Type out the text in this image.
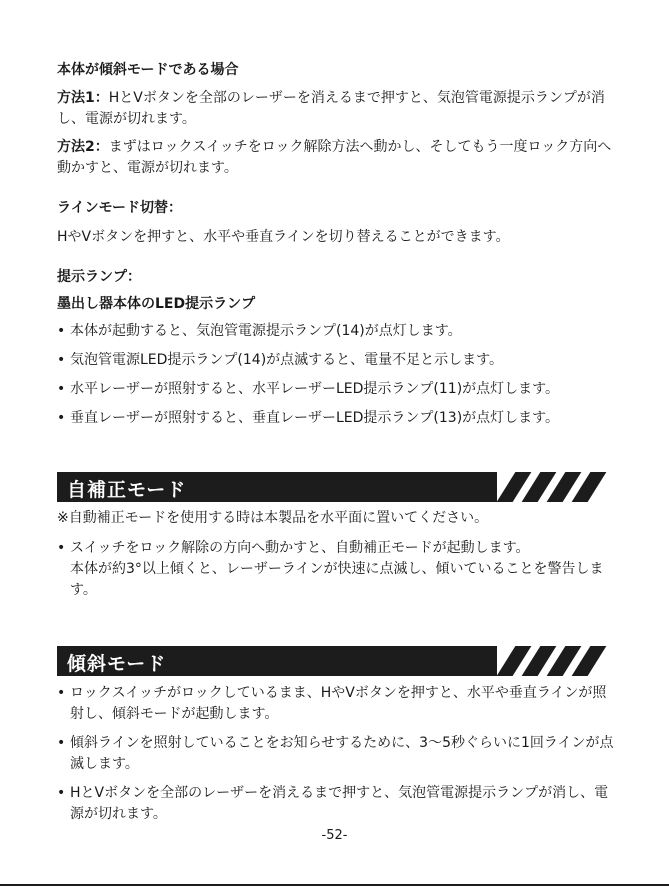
本体が傾斜モードである場合
方法1：HとVボタンを全部のレーザーを消えるまで押すと、気泡管電源提示ランプが消し、電源が切れます。
方法2：まずはロックスイッチをロック解除方法へ動かし、そしてもう一度ロック方向へ動かすと、電源が切れます。
ラインモード切替：
HやVボタンを押すと、水平や垂直ラインを切り替えることができます。
提示ランプ：
墨出し器本体のLED提示ランプ
• 本体が起動すると、気泡管電源提示ランプ(14)が点灯します。
• 気泡管電源LED提示ランプ(14)が点滅すると、電量不足と示します。
• 水平レーザーが照射すると、水平レーザーLED提示ランプ(11)が点灯します。
• 垂直レーザーが照射すると、垂直レーザーLED提示ランプ(13)が点灯します。
自補正モード
※自動補正モードを使用する時は本製品を水平面に置いてください。
• スイッチをロック解除の方向へ動かすと、自動補正モードが起動します。
本体が約3°以上傾くと、レーザーラインが快速に点滅し、傾いていることを警告します。
傾斜モード
• ロックスイッチがロックしているまま、HやVボタンを押すと、水平や垂直ラインが照射し、傾斜モードが起動します。
• 傾斜ラインを照射していることをお知らせするために、3～5秒ぐらいに1回ラインが点滅します。
• HとVボタンを全部のレーザーを消えるまで押すと、気泡管電源提示ランプが消し、電源が切れます。
-52-
